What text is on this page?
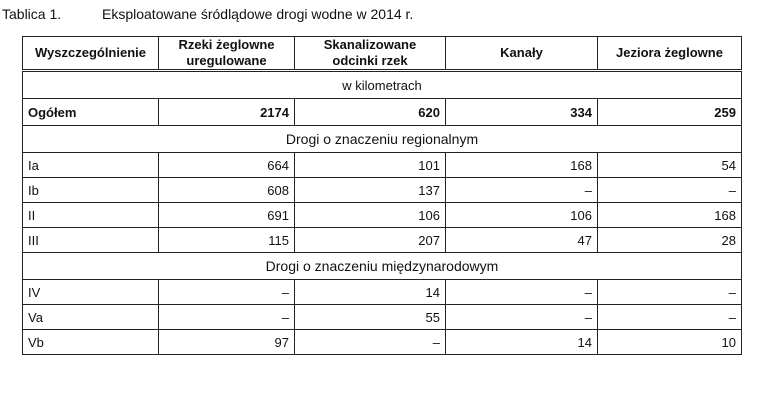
Tablica 1.	Eksploatowane śródlądowe drogi wodne w 2014 r.
Wyszczególnienie	Rzeki żeglowne uregulowane	Skanalizowane odcinki rzek	Kanały	Jeziora żeglowne
w kilometrach				
Ogółem	2174	620	334	259
Drogi o znaczeniu regionalnym				
Ia	664	101	168	54
Ib	608	137	–	–
II	691	106	106	168
III	115	207	47	28
Drogi o znaczeniu międzynarodowym				
IV	–	14	–	–
Va	–	55	–	–
Vb	97	–	14	10
